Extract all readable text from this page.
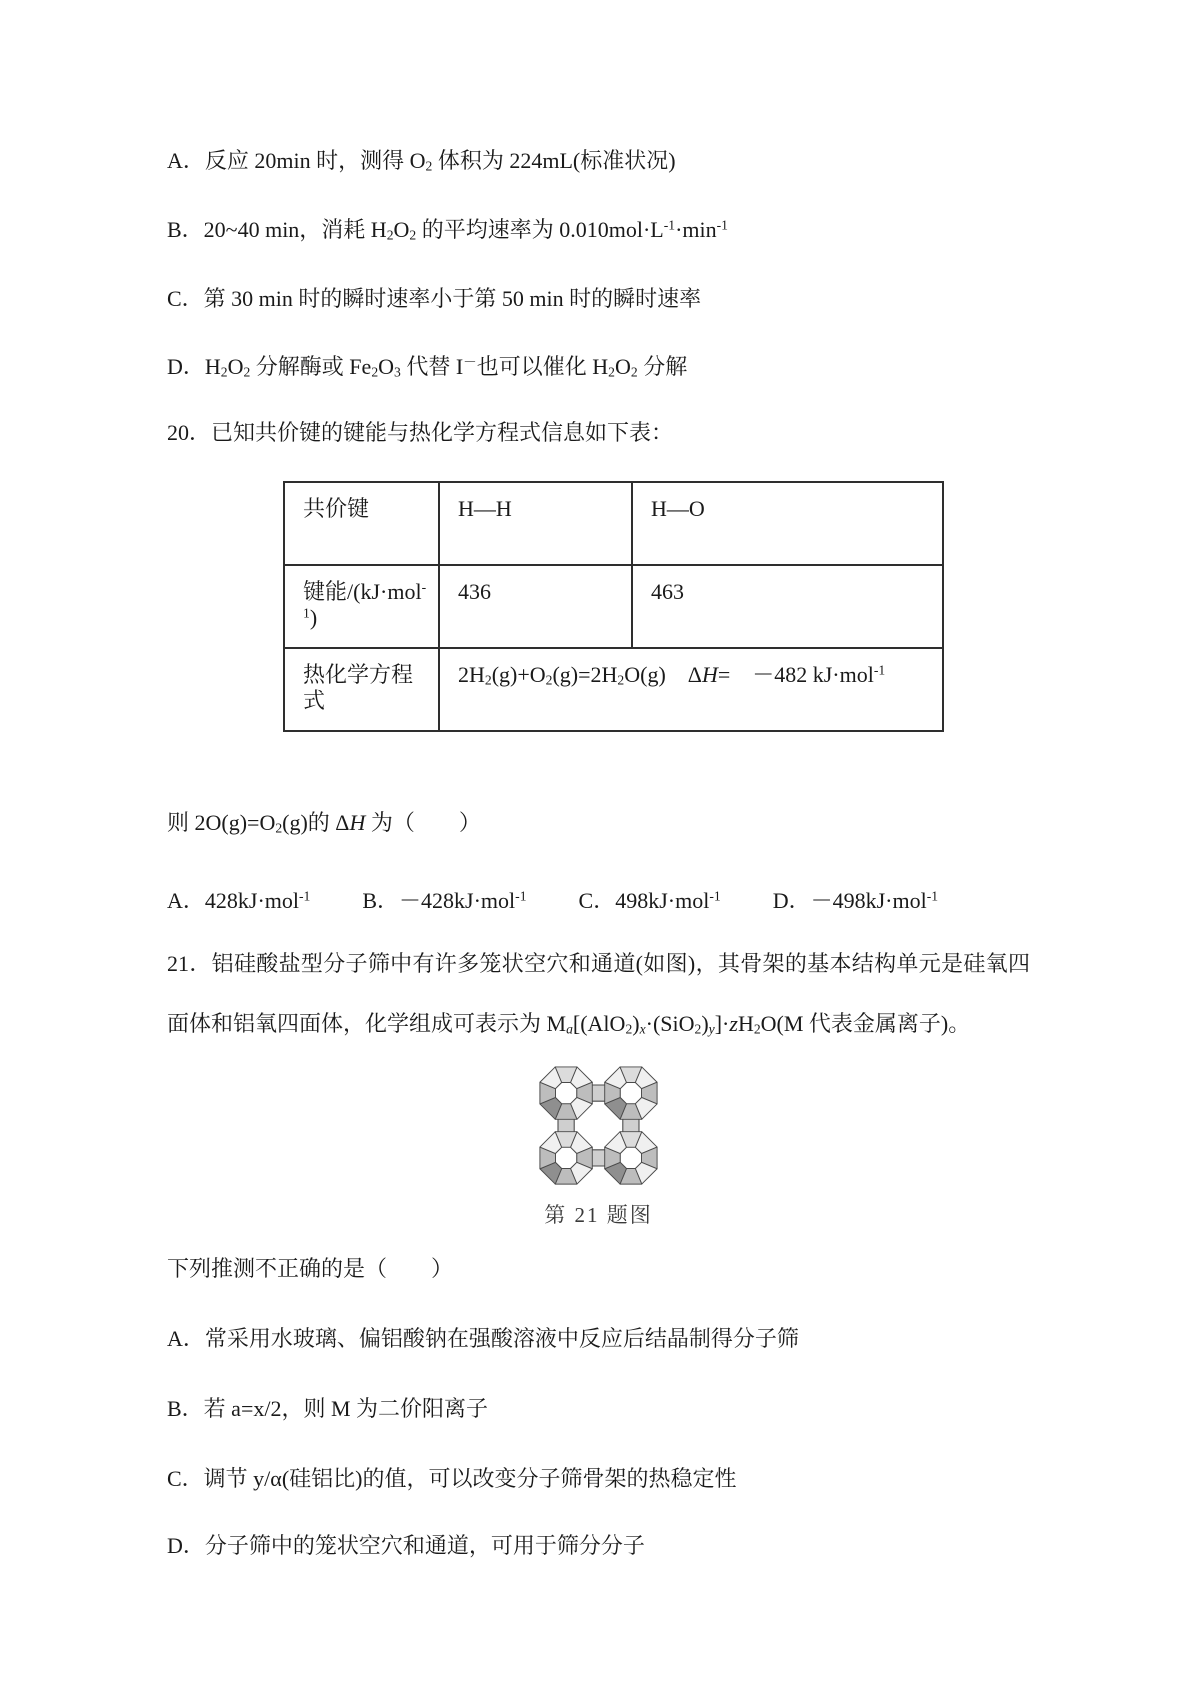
A．反应 20min 时，测得 $O_2$ 体积为 224mL(标准状况)

B．20~40 min，消耗 $H_2O_2$ 的平均速率为 $0.010mol\cdot L^{-1}\cdot\min^{-1}$

C．第 30 min 时的瞬时速率小于第 50 min 时的瞬时速率

D．$H_2O_2$ 分解酶或 $Fe_2O_3$ 代替 I－也可以催化 $H_2O_2$ 分解

20．已知共价键的键能与热化学方程式信息如下表：

共价键	H—H	H—O
键能/(kJ·mol$^{-1}$)	436	463
热化学方程式	$2H_2(g)+O_2(g)=2H_2O(g)$　ΔH=　－482 kJ·mol$^{-1}$

则 $2O(g)=O_2(g)$的 ΔH 为（　　）

A．428kJ·mol$^{-1}$ B．－428kJ·mol$^{-1}$ C．498kJ·mol$^{-1}$ D．－498kJ·mol$^{-1}$

21．铝硅酸盐型分子筛中有许多笼状空穴和通道(如图)，其骨架的基本结构单元是硅氧四面体和铝氧四面体，化学组成可表示为 $M_a[(AlO_2)_x\cdot(SiO_2)_y]\cdot zH_2O(M$ 代表金属离子)。

第 21 题图

下列推测不正确的是（　　）

A．常采用水玻璃、偏铝酸钠在强酸溶液中反应后结晶制得分子筛

B．若 a=x/2，则 M 为二价阳离子

C．调节 y/α(硅铝比)的值，可以改变分子筛骨架的热稳定性

D．分子筛中的笼状空穴和通道，可用于筛分分子
